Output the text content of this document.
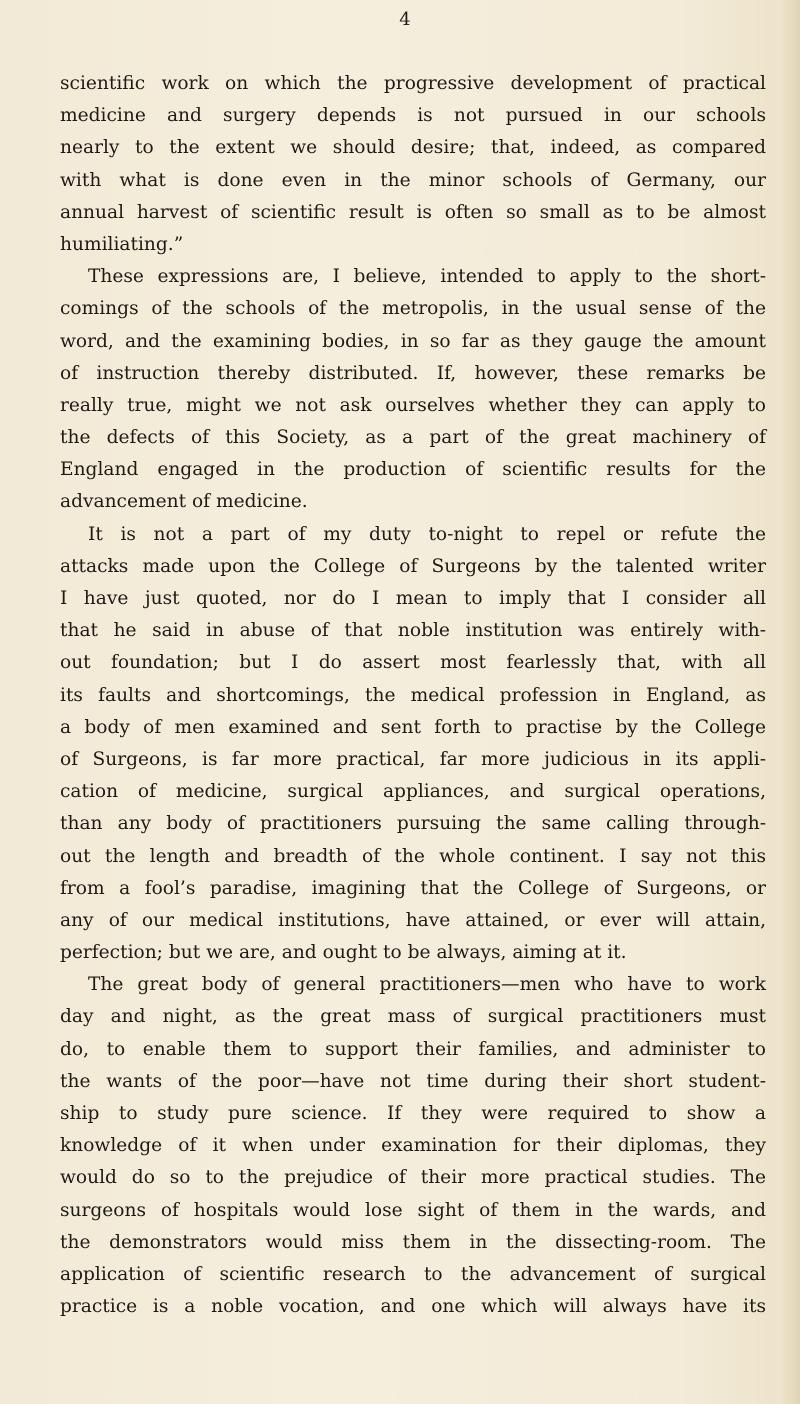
4
scientific work on which the progressive development of practical
medicine and surgery depends is not pursued in our schools
nearly to the extent we should desire; that, indeed, as compared
with what is done even in the minor schools of Germany, our
annual harvest of scientific result is often so small as to be almost
humiliating.”
These expressions are, I believe, intended to apply to the short-
comings of the schools of the metropolis, in the usual sense of the
word, and the examining bodies, in so far as they gauge the amount
of instruction thereby distributed. If, however, these remarks be
really true, might we not ask ourselves whether they can apply to
the defects of this Society, as a part of the great machinery of
England engaged in the production of scientific results for the
advancement of medicine.
It is not a part of my duty to-night to repel or refute the
attacks made upon the College of Surgeons by the talented writer
I have just quoted, nor do I mean to imply that I consider all
that he said in abuse of that noble institution was entirely with-
out foundation; but I do assert most fearlessly that, with all
its faults and shortcomings, the medical profession in England, as
a body of men examined and sent forth to practise by the College
of Surgeons, is far more practical, far more judicious in its appli-
cation of medicine, surgical appliances, and surgical operations,
than any body of practitioners pursuing the same calling through-
out the length and breadth of the whole continent. I say not this
from a fool’s paradise, imagining that the College of Surgeons, or
any of our medical institutions, have attained, or ever will attain,
perfection; but we are, and ought to be always, aiming at it.
The great body of general practitioners—men who have to work
day and night, as the great mass of surgical practitioners must
do, to enable them to support their families, and administer to
the wants of the poor—have not time during their short student-
ship to study pure science. If they were required to show a
knowledge of it when under examination for their diplomas, they
would do so to the prejudice of their more practical studies. The
surgeons of hospitals would lose sight of them in the wards, and
the demonstrators would miss them in the dissecting-room. The
application of scientific research to the advancement of surgical
practice is a noble vocation, and one which will always have its
